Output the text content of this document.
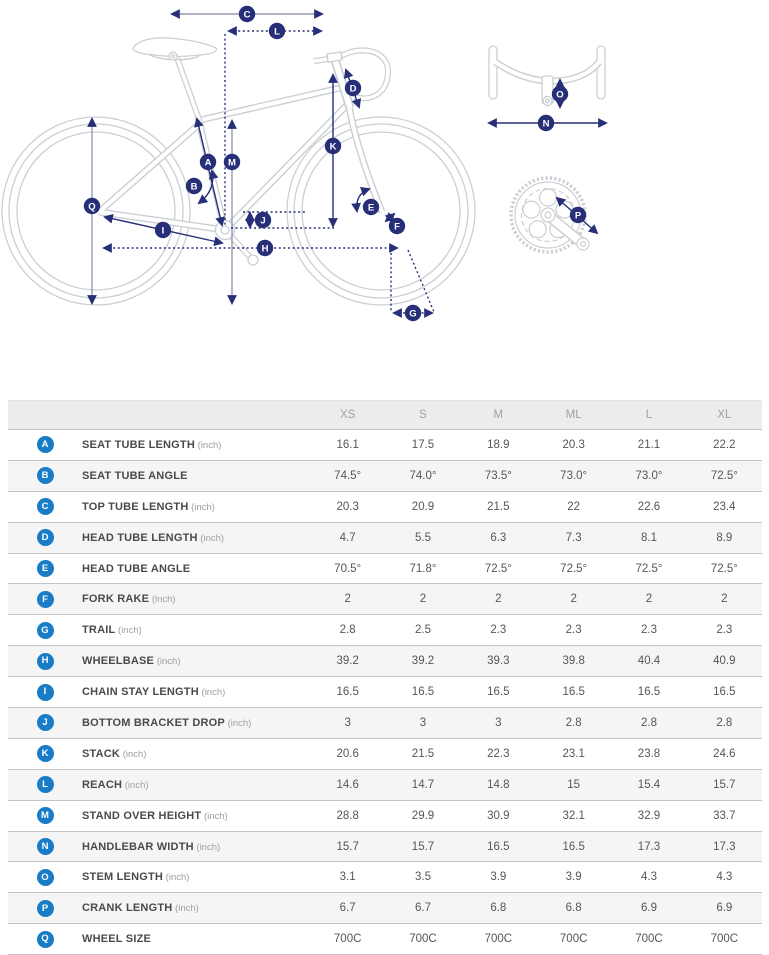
A
B
C
D
E
F
G
H
I
J
K
L
M
N
O
P
Q
XS	S	M	ML	L	XL
A	SEAT TUBE LENGTH (inch)	16.1	17.5	18.9	20.3	21.1	22.2
B	SEAT TUBE ANGLE	74.5°	74.0°	73.5°	73.0°	73.0°	72.5°
C	TOP TUBE LENGTH (inch)	20.3	20.9	21.5	22	22.6	23.4
D	HEAD TUBE LENGTH (inch)	4.7	5.5	6.3	7.3	8.1	8.9
E	HEAD TUBE ANGLE	70.5°	71.8°	72.5°	72.5°	72.5°	72.5°
F	FORK RAKE (inch)	2	2	2	2	2	2
G	TRAIL (inch)	2.8	2.5	2.3	2.3	2.3	2.3
H	WHEELBASE (inch)	39.2	39.2	39.3	39.8	40.4	40.9
I	CHAIN STAY LENGTH (inch)	16.5	16.5	16.5	16.5	16.5	16.5
J	BOTTOM BRACKET DROP (inch)	3	3	3	2.8	2.8	2.8
K	STACK (inch)	20.6	21.5	22.3	23.1	23.8	24.6
L	REACH (inch)	14.6	14.7	14.8	15	15.4	15.7
M	STAND OVER HEIGHT (inch)	28.8	29.9	30.9	32.1	32.9	33.7
N	HANDLEBAR WIDTH (inch)	15.7	15.7	16.5	16.5	17.3	17.3
O	STEM LENGTH (inch)	3.1	3.5	3.9	3.9	4.3	4.3
P	CRANK LENGTH (inch)	6.7	6.7	6.8	6.8	6.9	6.9
Q	WHEEL SIZE	700C	700C	700C	700C	700C	700C
